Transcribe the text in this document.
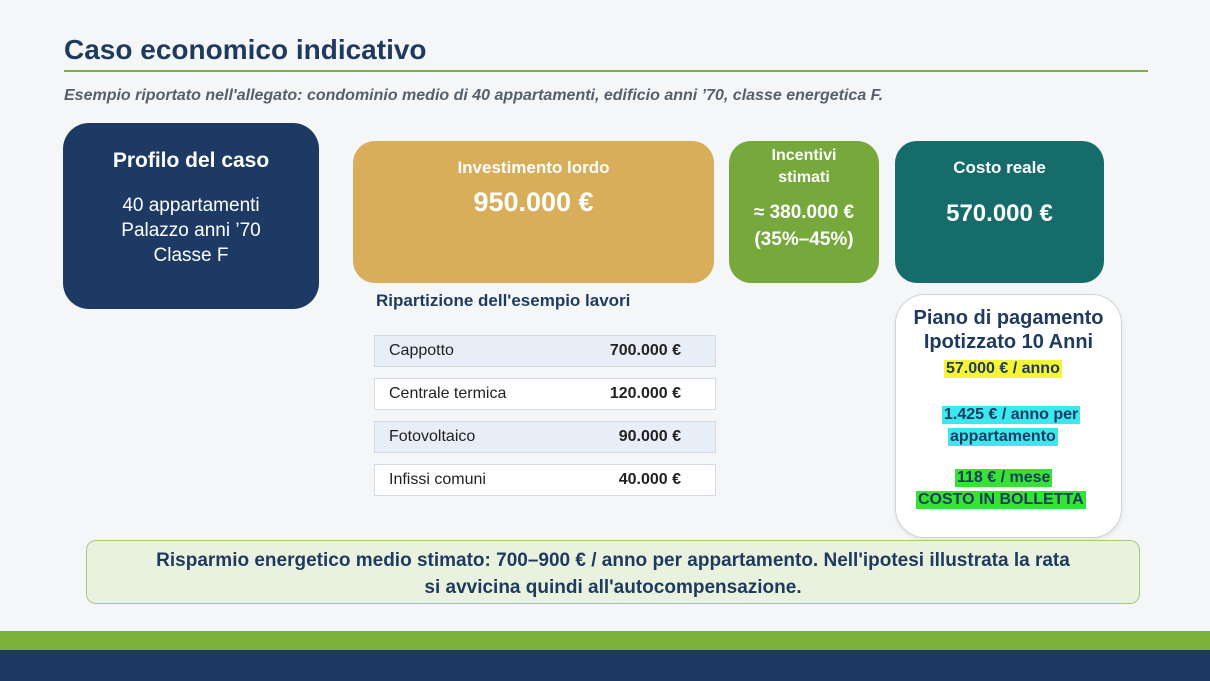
Caso economico indicativo
Esempio riportato nell'allegato: condominio medio di 40 appartamenti, edificio anni ’70, classe energetica F.
Profilo del caso
40 appartamenti
Palazzo anni ’70
Classe F
Investimento lordo
950.000 €
Incentivi
stimati
≈ 380.000 €
(35%–45%)
Costo reale
570.000 €
Ripartizione dell'esempio lavori
Cappotto	700.000 €
Centrale termica	120.000 €
Fotovoltaico	90.000 €
Infissi comuni	40.000 €
Piano di pagamento
Ipotizzato 10 Anni
57.000 € / anno
1.425 € / anno per
appartamento
118 € / mese
COSTO IN BOLLETTA
Risparmio energetico medio stimato: 700–900 € / anno per appartamento. Nell'ipotesi illustrata la rata
si avvicina quindi all'autocompensazione.
